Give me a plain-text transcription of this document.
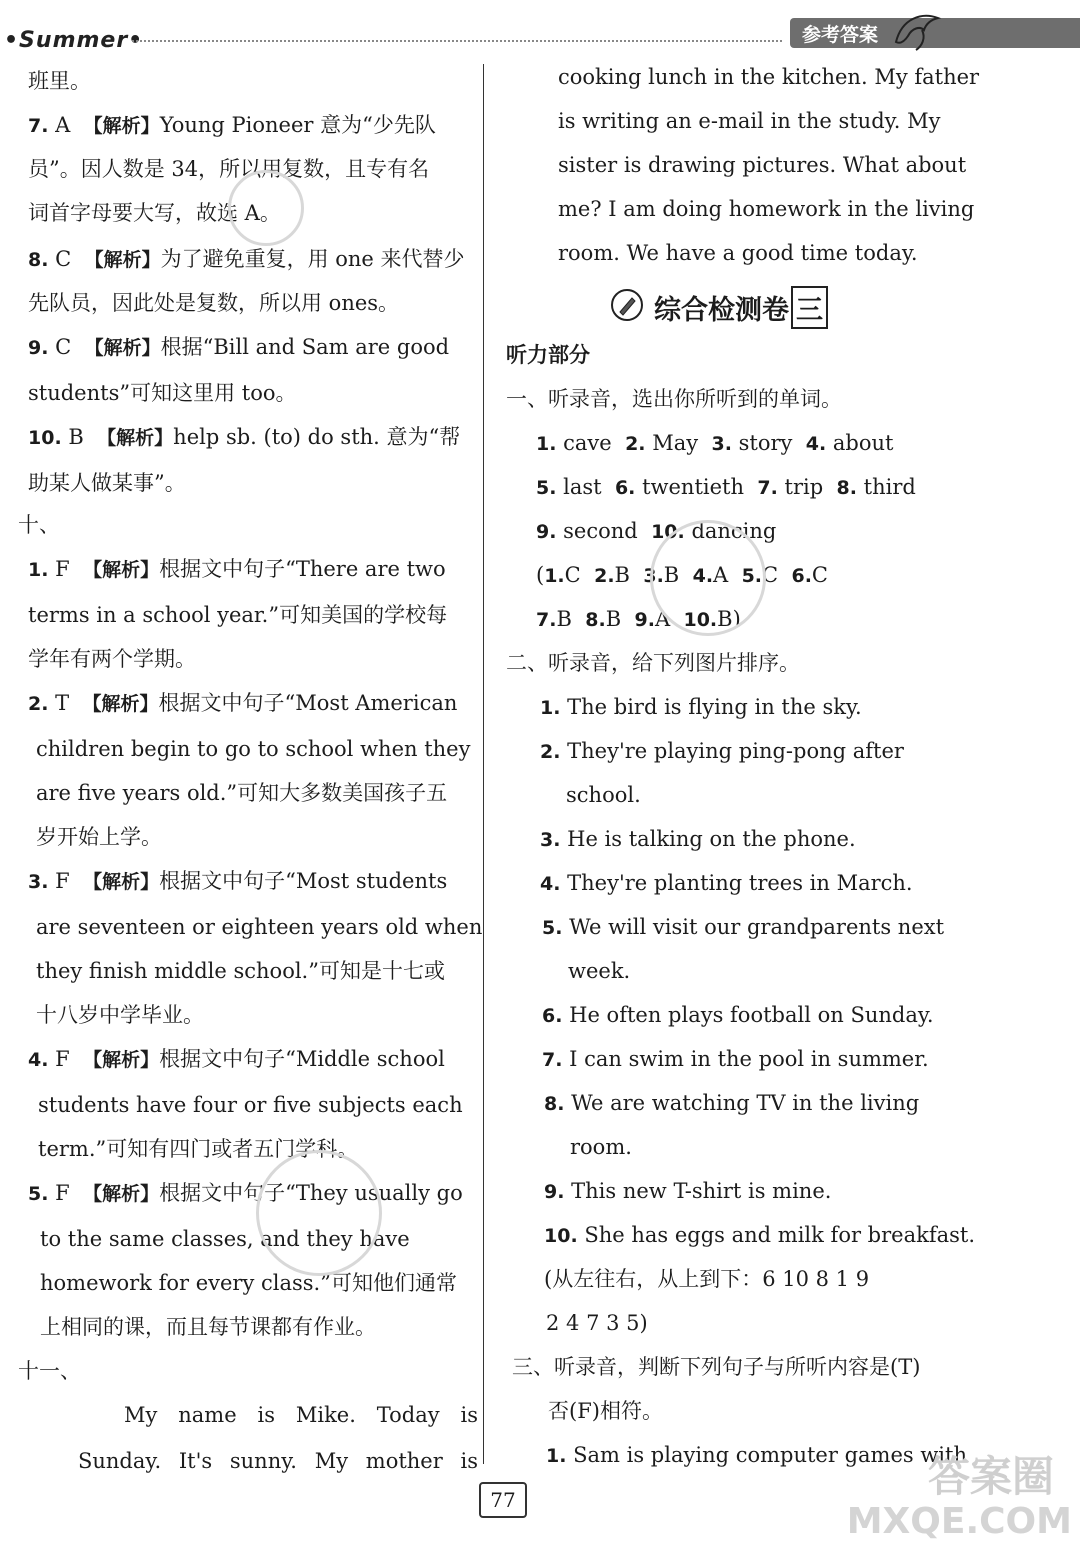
•Summer•	参考答案
班里。
7. A 【解析】Young Pioneer 意为“少先队
员”。因人数是 34，所以用复数，且专有名
词首字母要大写，故选 A。
8. C 【解析】为了避免重复，用 one 来代替少
先队员，因此处是复数，所以用 ones。
9. C 【解析】根据“Bill and Sam are good
students”可知这里用 too。
10. B 【解析】help sb. (to) do sth. 意为“帮
助某人做某事”。
十、
1. F 【解析】根据文中句子“There are two
terms in a school year.”可知美国的学校每
学年有两个学期。
2. T 【解析】根据文中句子“Most American
children begin to go to school when they
are five years old.”可知大多数美国孩子五
岁开始上学。
3. F 【解析】根据文中句子“Most students
are seventeen or eighteen years old when
they finish middle school.”可知是十七或
十八岁中学毕业。
4. F 【解析】根据文中句子“Middle school
students have four or five subjects each
term.”可知有四门或者五门学科。
5. F 【解析】根据文中句子“They usually go
to the same classes, and they have
homework for every class.”可知他们通常
上相同的课，而且每节课都有作业。
十一、
My name is Mike. Today is
Sunday. It's sunny. My mother is
cooking lunch in the kitchen. My father
is writing an e-mail in the study. My
sister is drawing pictures. What about
me? I am doing homework in the living
room. We have a good time today.
听力部分
一、听录音，选出你所听到的单词。
1. cave 2. May 3. story 4. about
5. last 6. twentieth 7. trip 8. third
9. second 10. dancing
(1.C 2.B 3.B 4.A 5.C 6.C
7.B 8.B 9.A 10.B)
二、听录音，给下列图片排序。
1. The bird is flying in the sky.
2. They're playing ping-pong after
school.
3. He is talking on the phone.
4. They're planting trees in March.
5. We will visit our grandparents next
week.
6. He often plays football on Sunday.
7. I can swim in the pool in summer.
8. We are watching TV in the living
room.
9. This new T-shirt is mine.
10. She has eggs and milk for breakfast.
(从左往右，从上到下：6 10 8 1 9
2 4 7 3 5)
三、听录音，判断下列句子与所听内容是(T)
否(F)相符。
1. Sam is playing computer games with
综合检测卷 三
77	答案圈
MXQE.COM
